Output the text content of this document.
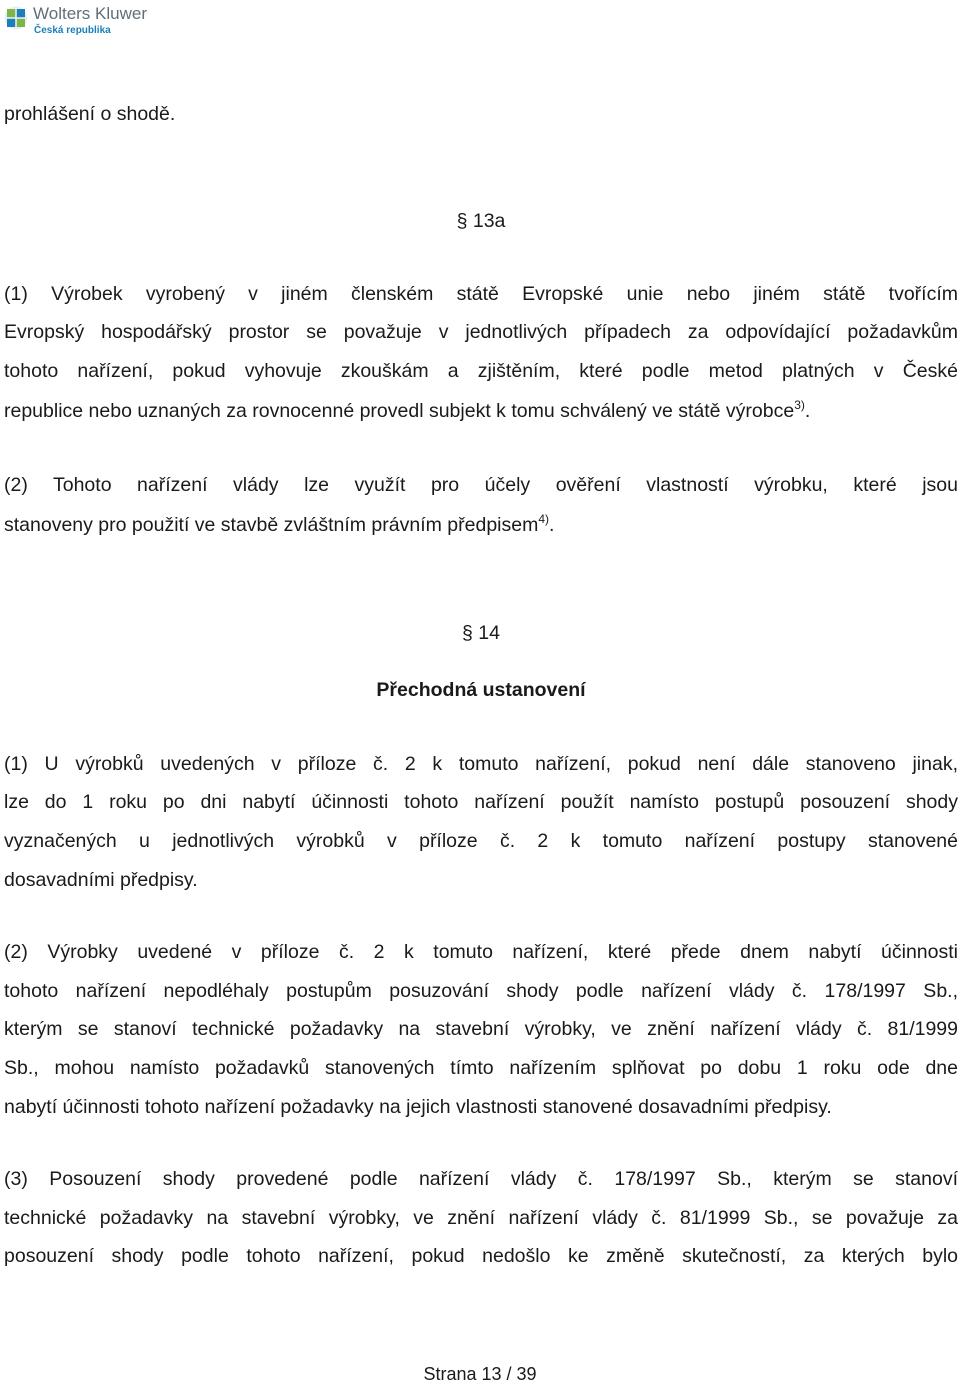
Wolters Kluwer
Česká republika

prohlášení o shodě.

§ 13a

(1) Výrobek vyrobený v jiném členském státě Evropské unie nebo jiném státě tvořícím

Evropský hospodářský prostor se považuje v jednotlivých případech za odpovídající požadavkům

tohoto nařízení, pokud vyhovuje zkouškám a zjištěním, které podle metod platných v České

republice nebo uznaných za rovnocenné provedl subjekt k tomu schválený ve státě výrobce$^{3)}$.

(2) Tohoto nařízení vlády lze využít pro účely ověření vlastností výrobku, které jsou

stanoveny pro použití ve stavbě zvláštním právním předpisem$^{4)}$.

§ 14

Přechodná ustanovení

(1) U výrobků uvedených v příloze č. 2 k tomuto nařízení, pokud není dále stanoveno jinak,

lze do 1 roku po dni nabytí účinnosti tohoto nařízení použít namísto postupů posouzení shody

vyznačených u jednotlivých výrobků v příloze č. 2 k tomuto nařízení postupy stanovené

dosavadními předpisy.

(2) Výrobky uvedené v příloze č. 2 k tomuto nařízení, které přede dnem nabytí účinnosti

tohoto nařízení nepodléhaly postupům posuzování shody podle nařízení vlády č. 178/1997 Sb.,

kterým se stanoví technické požadavky na stavební výrobky, ve znění nařízení vlády č. 81/1999

Sb., mohou namísto požadavků stanovených tímto nařízením splňovat po dobu 1 roku ode dne

nabytí účinnosti tohoto nařízení požadavky na jejich vlastnosti stanovené dosavadními předpisy.

(3) Posouzení shody provedené podle nařízení vlády č. 178/1997 Sb., kterým se stanoví

technické požadavky na stavební výrobky, ve znění nařízení vlády č. 81/1999 Sb., se považuje za

posouzení shody podle tohoto nařízení, pokud nedošlo ke změně skutečností, za kterých bylo

Strana 13 / 39
